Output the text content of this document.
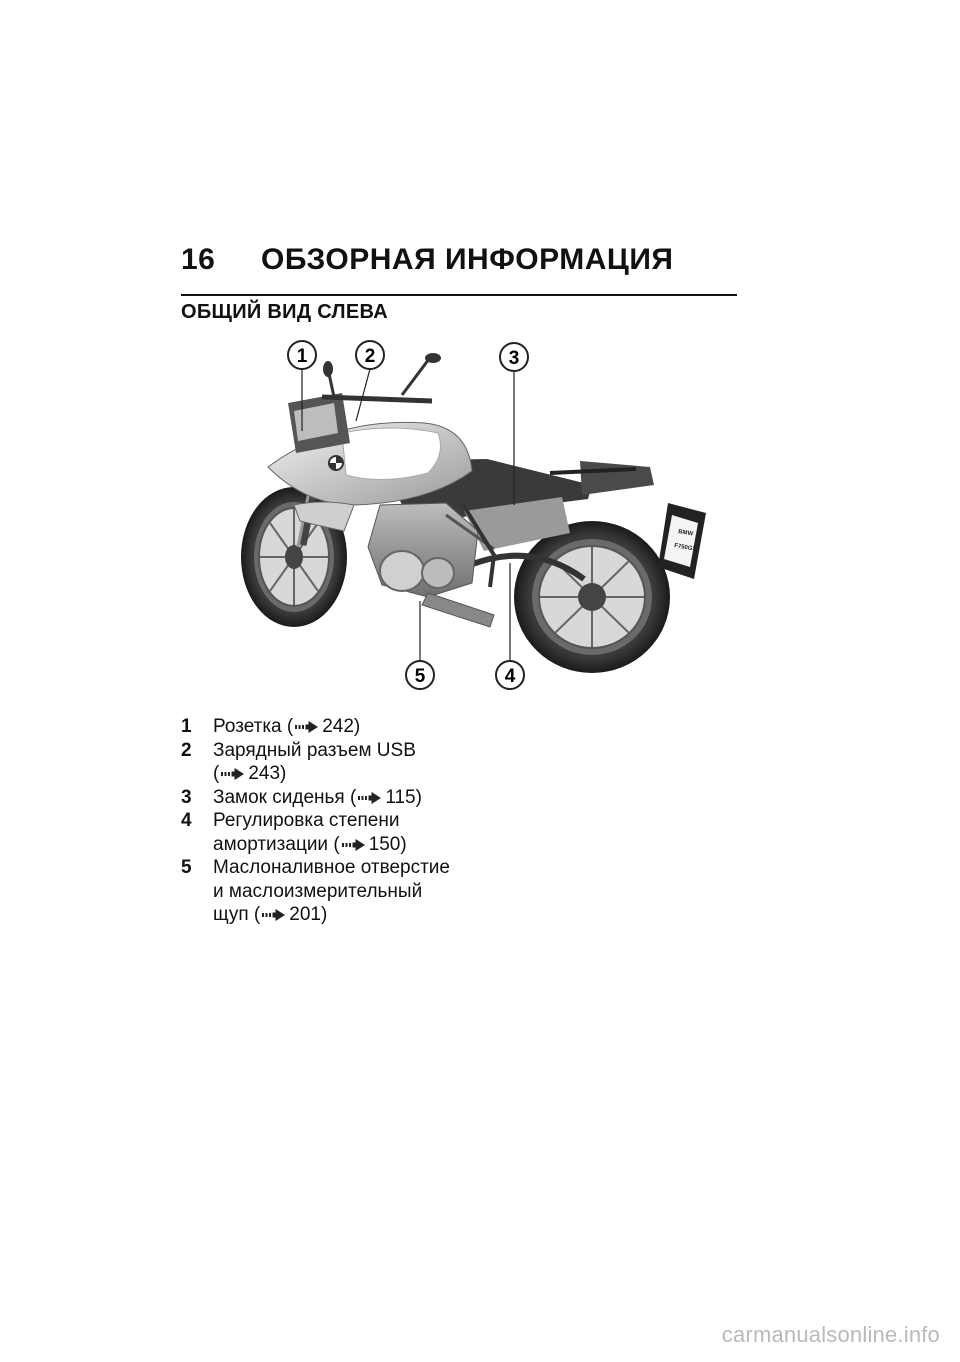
16 ОБЗОРНАЯ ИНФОРМАЦИЯ
ОБЩИЙ ВИД СЛЕВА
BMW
F750GS
1	2	3
4
5
1 Розетка ( 242)
2 Зарядный разъем USB
( 243)
3 Замок сиденья ( 115)
4 Регулировка степени
амортизации ( 150)
5 Маслоналивное отверстие
и маслоизмерительный
щуп ( 201)
carmanualsonline.info
